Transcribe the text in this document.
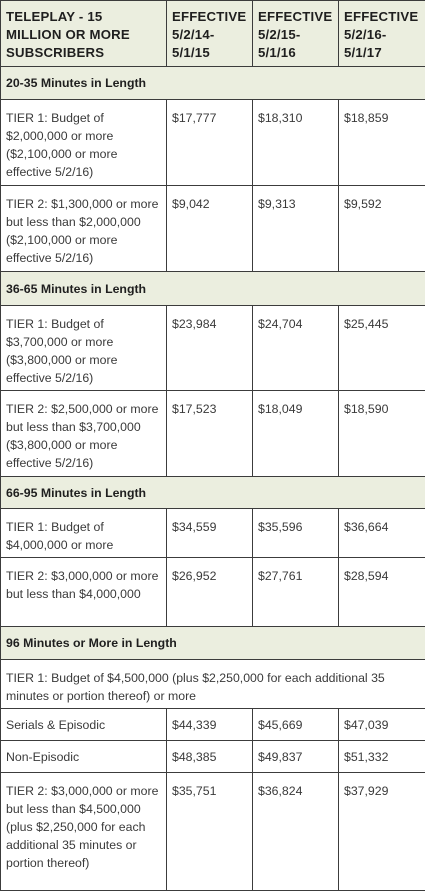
TELEPLAY - 15 MILLION OR MORE SUBSCRIBERS	EFFECTIVE 5/2/14-5/1/15	EFFECTIVE 5/2/15-5/1/16	EFFECTIVE 5/2/16-5/1/17
20-35 Minutes in Length			
TIER 1: Budget of $2,000,000 or more ($2,100,000 or more effective 5/2/16)	$17,777	$18,310	$18,859
TIER 2: $1,300,000 or more but less than $2,000,000 ($2,100,000 or more effective 5/2/16)	$9,042	$9,313	$9,592
36-65 Minutes in Length			
TIER 1: Budget of $3,700,000 or more ($3,800,000 or more effective 5/2/16)	$23,984	$24,704	$25,445
TIER 2: $2,500,000 or more but less than $3,700,000 ($3,800,000 or more effective 5/2/16)	$17,523	$18,049	$18,590
66-95 Minutes in Length			
TIER 1: Budget of $4,000,000 or more	$34,559	$35,596	$36,664
TIER 2: $3,000,000 or more but less than $4,000,000	$26,952	$27,761	$28,594
96 Minutes or More in Length			
TIER 1: Budget of $4,500,000 (plus $2,250,000 for each additional 35 minutes or portion thereof) or more			
Serials & Episodic	$44,339	$45,669	$47,039
Non-Episodic	$48,385	$49,837	$51,332
TIER 2: $3,000,000 or more but less than $4,500,000 (plus $2,250,000 for each additional 35 minutes or portion thereof)	$35,751	$36,824	$37,929
